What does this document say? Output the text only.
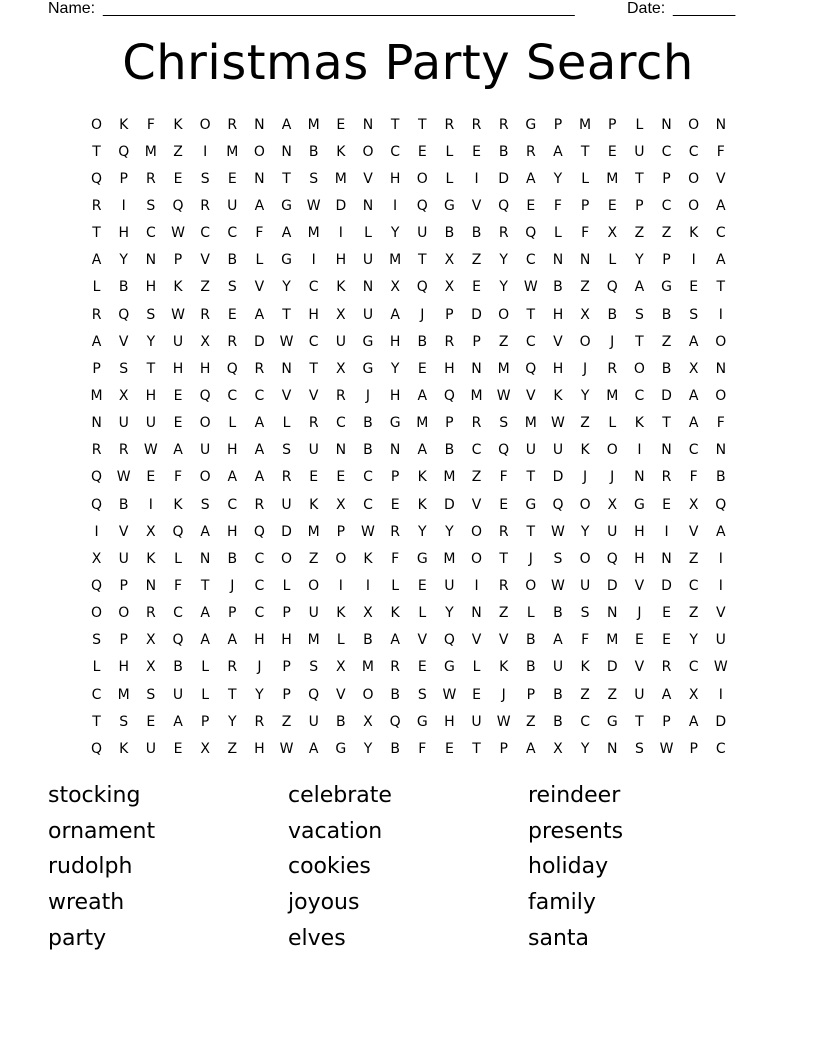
Name: _____________________________________________________	Date: _______
Christmas Party Search
O	K	F	K	O	R	N	A	M	E	N	T	T	R	R	R	G	P	M	P	L	N	O	N
T	Q	M	Z	I	M	O	N	B	K	O	C	E	L	E	B	R	A	T	E	U	C	C	F
Q	P	R	E	S	E	N	T	S	M	V	H	O	L	I	D	A	Y	L	M	T	P	O	V
R	I	S	Q	R	U	A	G	W	D	N	I	Q	G	V	Q	E	F	P	E	P	C	O	A
T	H	C	W	C	C	F	A	M	I	L	Y	U	B	B	R	Q	L	F	X	Z	Z	K	C
A	Y	N	P	V	B	L	G	I	H	U	M	T	X	Z	Y	C	N	N	L	Y	P	I	A
L	B	H	K	Z	S	V	Y	C	K	N	X	Q	X	E	Y	W	B	Z	Q	A	G	E	T
R	Q	S	W	R	E	A	T	H	X	U	A	J	P	D	O	T	H	X	B	S	B	S	I
A	V	Y	U	X	R	D	W	C	U	G	H	B	R	P	Z	C	V	O	J	T	Z	A	O
P	S	T	H	H	Q	R	N	T	X	G	Y	E	H	N	M	Q	H	J	R	O	B	X	N
M	X	H	E	Q	C	C	V	V	R	J	H	A	Q	M	W	V	K	Y	M	C	D	A	O
N	U	U	E	O	L	A	L	R	C	B	G	M	P	R	S	M	W	Z	L	K	T	A	F
R	R	W	A	U	H	A	S	U	N	B	N	A	B	C	Q	U	U	K	O	I	N	C	N
Q	W	E	F	O	A	A	R	E	E	C	P	K	M	Z	F	T	D	J	J	N	R	F	B
Q	B	I	K	S	C	R	U	K	X	C	E	K	D	V	E	G	Q	O	X	G	E	X	Q
I	V	X	Q	A	H	Q	D	M	P	W	R	Y	Y	O	R	T	W	Y	U	H	I	V	A
X	U	K	L	N	B	C	O	Z	O	K	F	G	M	O	T	J	S	O	Q	H	N	Z	I
Q	P	N	F	T	J	C	L	O	I	I	L	E	U	I	R	O	W	U	D	V	D	C	I
O	O	R	C	A	P	C	P	U	K	X	K	L	Y	N	Z	L	B	S	N	J	E	Z	V
S	P	X	Q	A	A	H	H	M	L	B	A	V	Q	V	V	B	A	F	M	E	E	Y	U
L	H	X	B	L	R	J	P	S	X	M	R	E	G	L	K	B	U	K	D	V	R	C	W
C	M	S	U	L	T	Y	P	Q	V	O	B	S	W	E	J	P	B	Z	Z	U	A	X	I
T	S	E	A	P	Y	R	Z	U	B	X	Q	G	H	U	W	Z	B	C	G	T	P	A	D
Q	K	U	E	X	Z	H	W	A	G	Y	B	F	E	T	P	A	X	Y	N	S	W	P	C
stocking	celebrate	reindeer
ornament	vacation	presents
rudolph	cookies	holiday
wreath	joyous	family
party	elves	santa
